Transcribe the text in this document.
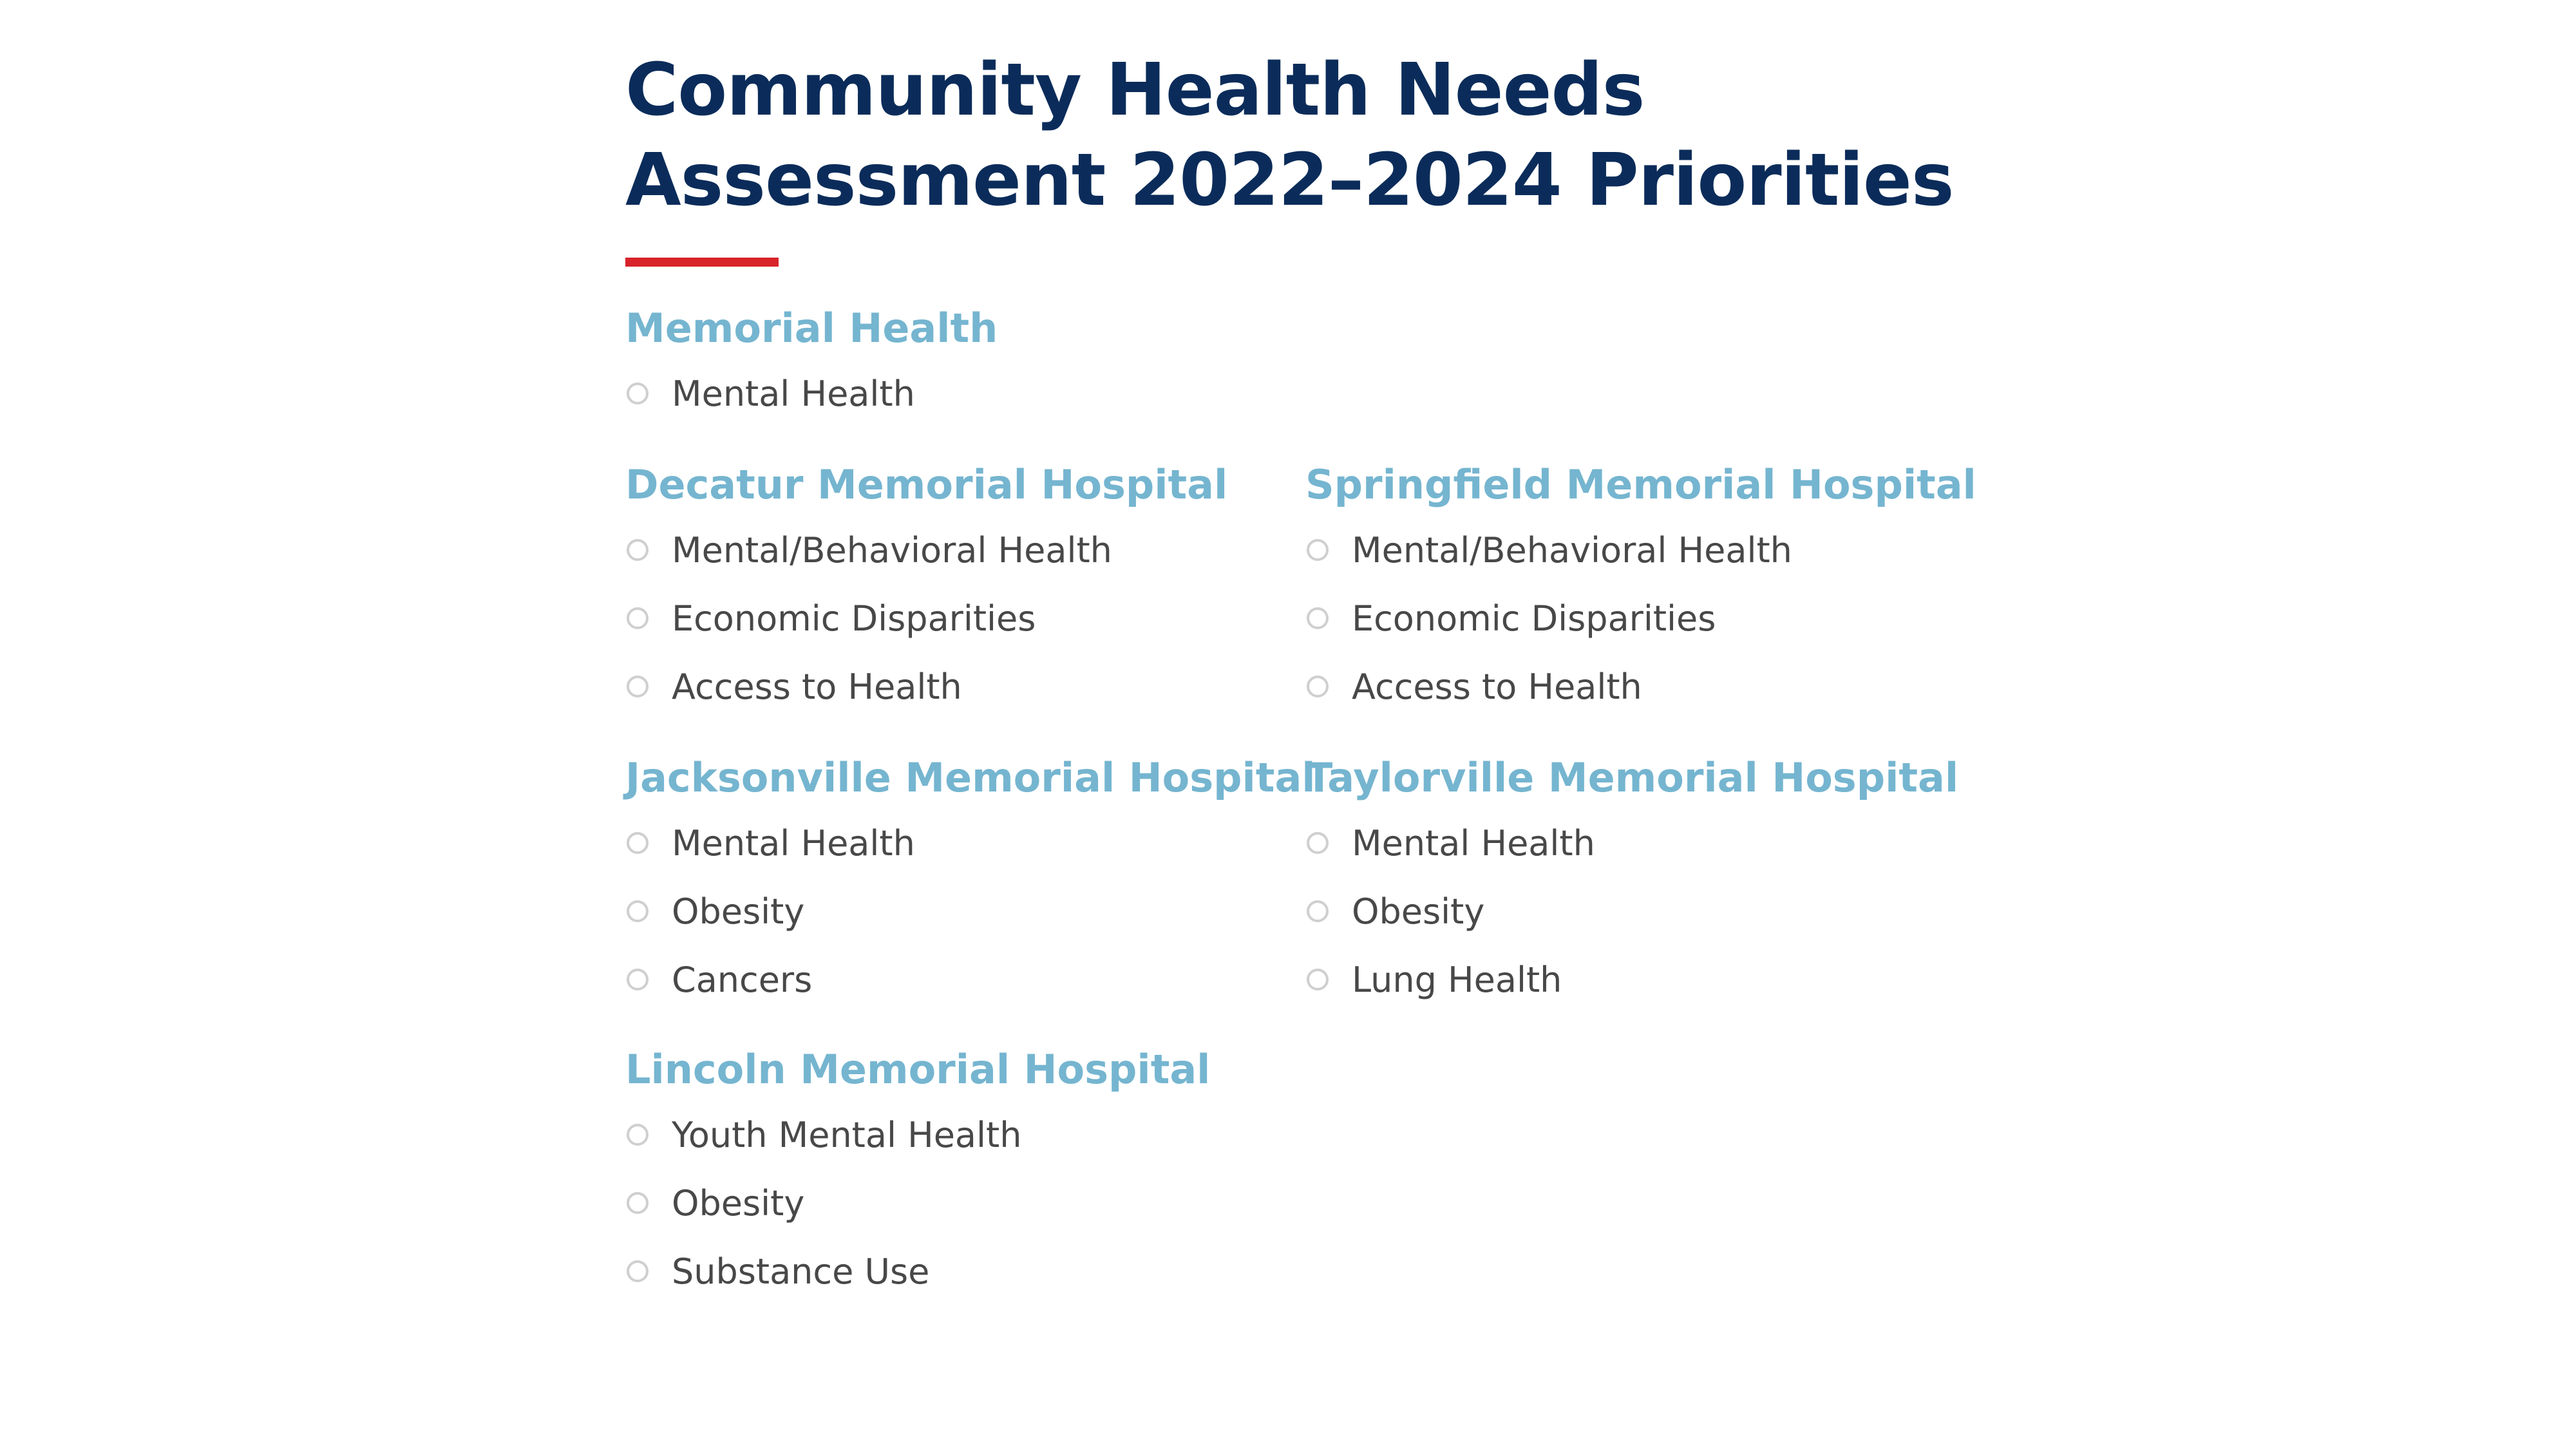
Community Health Needs
Assessment 2022–2024 Priorities
Memorial Health
Mental Health
Decatur Memorial Hospital
Mental/Behavioral Health
Economic Disparities
Access to Health
Springfield Memorial Hospital
Mental/Behavioral Health
Economic Disparities
Access to Health
Jacksonville Memorial Hospital
Mental Health
Obesity
Cancers
Taylorville Memorial Hospital
Mental Health
Obesity
Lung Health
Lincoln Memorial Hospital
Youth Mental Health
Obesity
Substance Use
